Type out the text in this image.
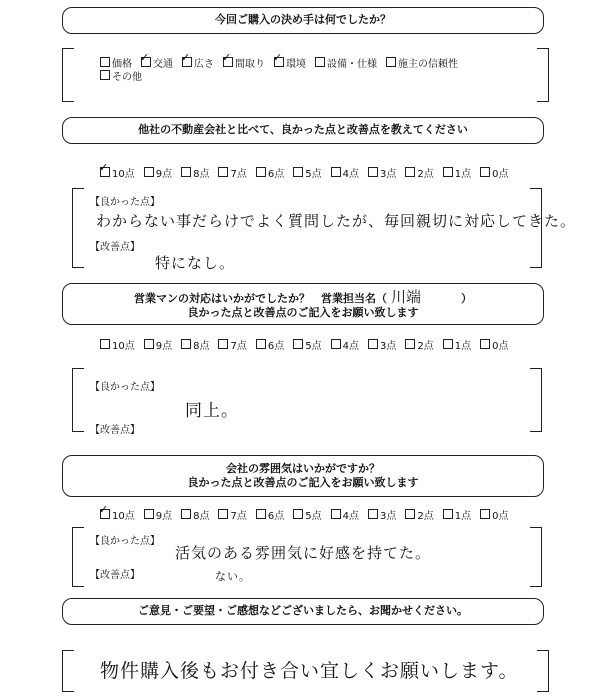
今回ご購入の決め手は何でしたか？
価格 ✓ 交通 ✓ 広さ ✓ 間取り ✓ 環境 設備・仕様 施主の信頼性
その他
他社の不動産会社と比べて、良かった点と改善点を教えてください
✓10点 9点 8点 7点 6点 5点 4点 3点 2点 1点 0点
【良かった点】
わからない事だらけでよく質問したが、毎回親切に対応してきた。
【改善点】
特になし。
営業マンの対応はいかがでしたか？　営業担当名（ 川端	）
良かった点と改善点のご記入をお願い致します
10点 9点 8点 7点 6点 5点 4点 3点 2点 1点 0点
【良かった点】
同上。
【改善点】
会社の雰囲気はいかがですか？
良かった点と改善点のご記入をお願い致します
✓10点 9点 8点 7点 6点 5点 4点 3点 2点 1点 0点
【良かった点】
活気のある雰囲気に好感を持てた。
【改善点】	ない。
ご意見・ご要望・ご感想などございましたら、お聞かせください。
物件購入後もお付き合い宜しくお願いします。
